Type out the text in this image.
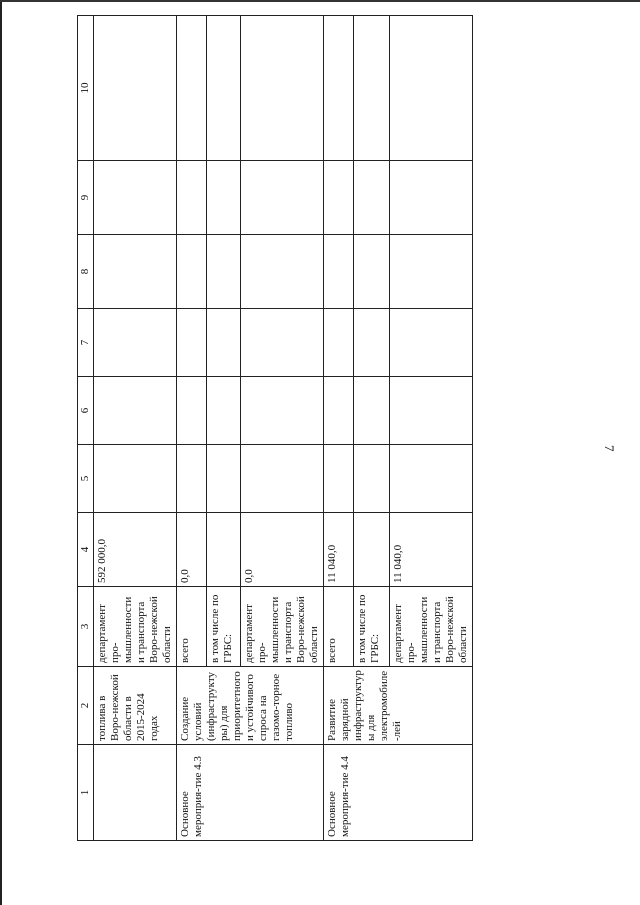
7
1	2	3	4	5	6	7	8	9	10
	топлива в Воро-нежской области в 2015-2024 годах	департамент про-мышленности и транспорта Воро-нежской области	592 000,0						
Основное мероприя-тие 4.3	Создание условий (инфраструктуры) для приоритетного и устойчивого спроса на газомо-торное топливо	всего	0,0						
		в том числе по ГРБС:							
		департамент про-мышленности и транспорта Воро-нежской области	0,0						
Основное мероприя-тие 4.4	Развитие зарядной инфраструктуры для электромобиле-лей	всего	11 040,0						
		в том числе по ГРБС:							
		департамент про-мышленности и транспорта Воро-нежской области	11 040,0						
